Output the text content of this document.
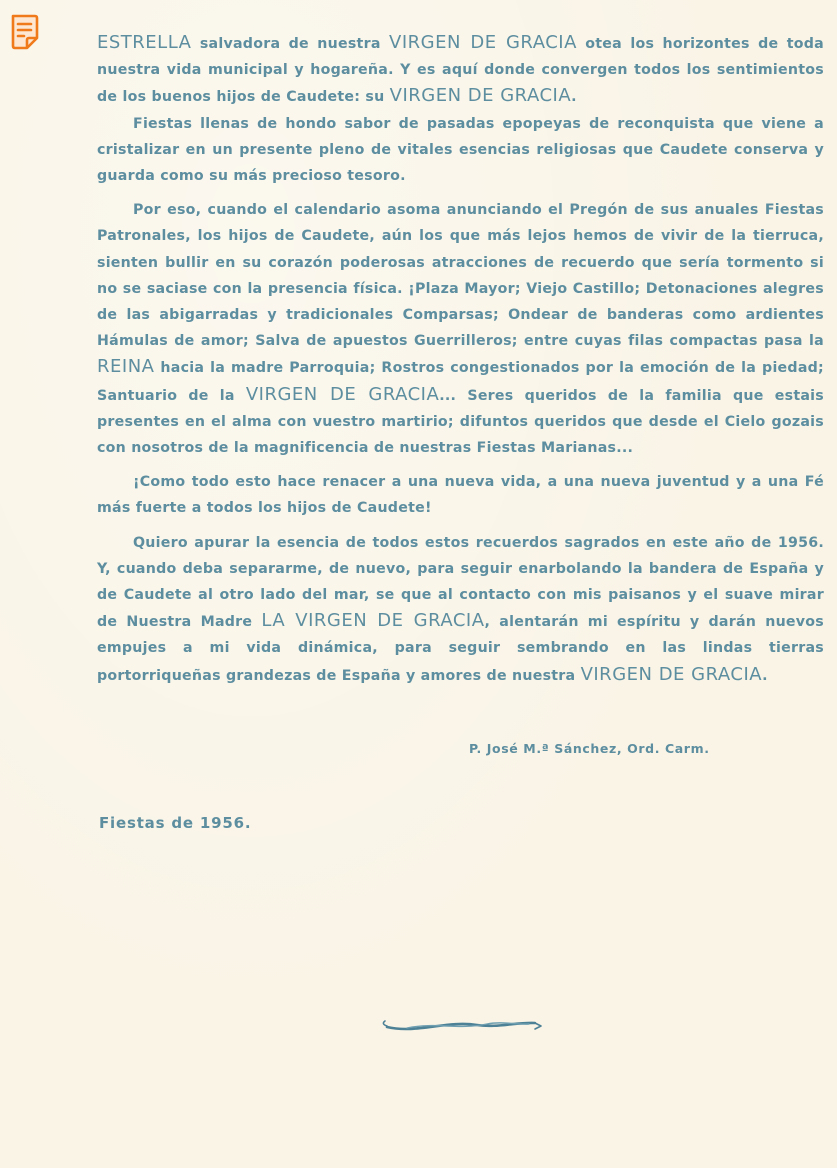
ESTRELLA salvadora de nuestra VIRGEN DE GRACIA otea los horizontes de toda nuestra vida municipal y hogareña. Y es aquí donde convergen todos los sentimientos de los buenos hijos de Caudete: su VIRGEN DE GRACIA.

Fiestas llenas de hondo sabor de pasadas epopeyas de reconquista que viene a cristalizar en un presente pleno de vitales esencias religiosas que Caudete conserva y guarda como su más precioso tesoro.

Por eso, cuando el calendario asoma anunciando el Pregón de sus anuales Fiestas Patronales, los hijos de Caudete, aún los que más lejos hemos de vivir de la tierruca, sienten bullir en su corazón poderosas atracciones de recuerdo que sería tormento si no se saciase con la presencia física. ¡Plaza Mayor; Viejo Castillo; Detonaciones alegres de las abigarradas y tradicionales Comparsas; Ondear de banderas como ardientes Hámulas de amor; Salva de apuestos Guerrilleros; entre cuyas filas compactas pasa la REINA hacia la madre Parroquia; Rostros congestionados por la emoción de la piedad; Santuario de la VIRGEN DE GRACIA... Seres queridos de la familia que estais presentes en el alma con vuestro martirio; difuntos queridos que desde el Cielo gozais con nosotros de la magnificencia de nuestras Fiestas Marianas...

¡Como todo esto hace renacer a una nueva vida, a una nueva juventud y a una Fé más fuerte a todos los hijos de Caudete!

Quiero apurar la esencia de todos estos recuerdos sagrados en este año de 1956. Y, cuando deba separarme, de nuevo, para seguir enarbolando la bandera de España y de Caudete al otro lado del mar, se que al contacto con mis paisanos y el suave mirar de Nuestra Madre LA VIRGEN DE GRACIA, alentarán mi espíritu y darán nuevos empujes a mi vida dinámica, para seguir sembrando en las lindas tierras portorriqueñas grandezas de España y amores de nuestra VIRGEN DE GRACIA.

P. José M.ª Sánchez, Ord. Carm.
Fiestas de 1956.
